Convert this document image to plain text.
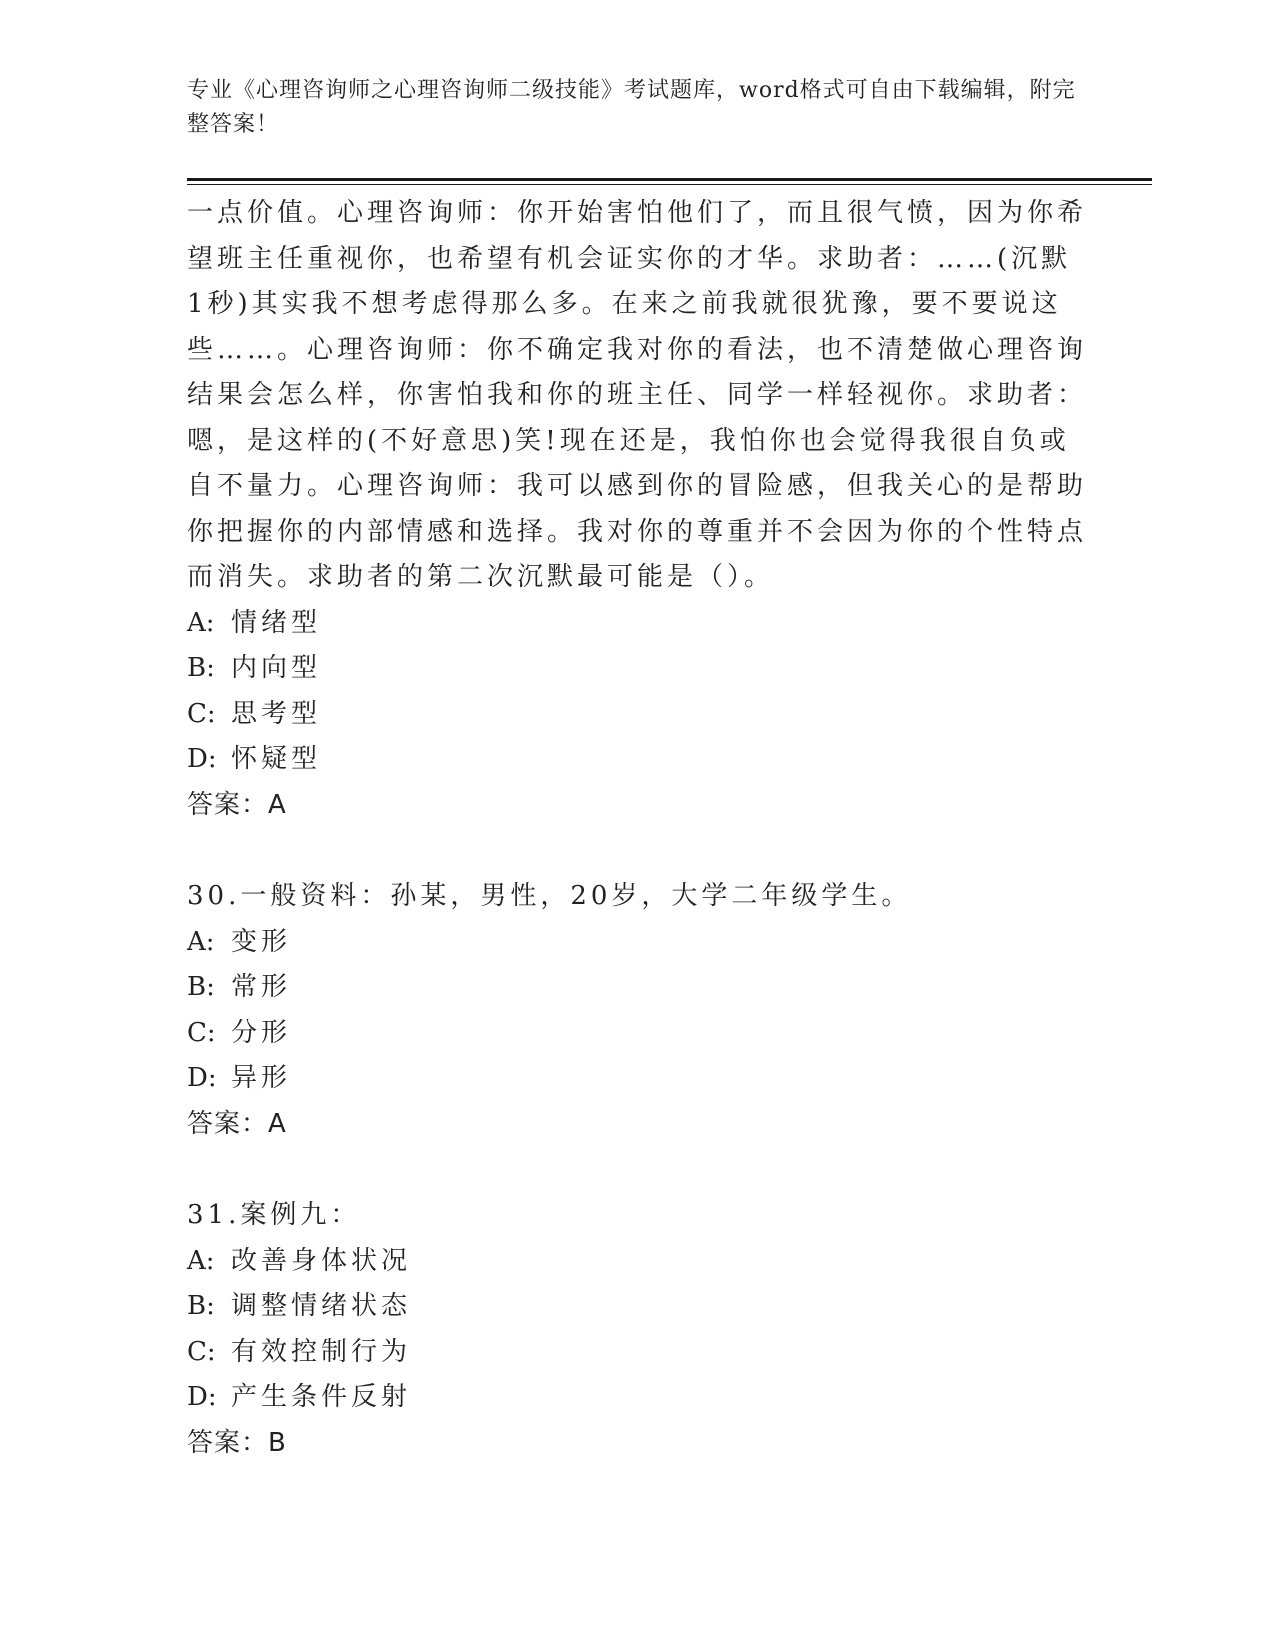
专业《心理咨询师之心理咨询师二级技能》考试题库，word格式可自由下载编辑，附完整答案！

一点价值。心理咨询师：你开始害怕他们了，而且很气愤，因为你希望班主任重视你，也希望有机会证实你的才华。求助者：……(沉默1秒)其实我不想考虑得那么多。在来之前我就很犹豫，要不要说这些……。心理咨询师：你不确定我对你的看法，也不清楚做心理咨询结果会怎么样，你害怕我和你的班主任、同学一样轻视你。求助者：嗯，是这样的(不好意思)笑!现在还是，我怕你也会觉得我很自负或自不量力。心理咨询师：我可以感到你的冒险感，但我关心的是帮助你把握你的内部情感和选择。我对你的尊重并不会因为你的个性特点而消失。求助者的第二次沉默最可能是（）。

A: 情绪型

B: 内向型

C: 思考型

D: 怀疑型

答案：A

30.一般资料：孙某，男性，20岁，大学二年级学生。

A: 变形

B: 常形

C: 分形

D: 异形

答案：A

31.案例九：

A: 改善身体状况

B: 调整情绪状态

C: 有效控制行为

D: 产生条件反射

答案：B
